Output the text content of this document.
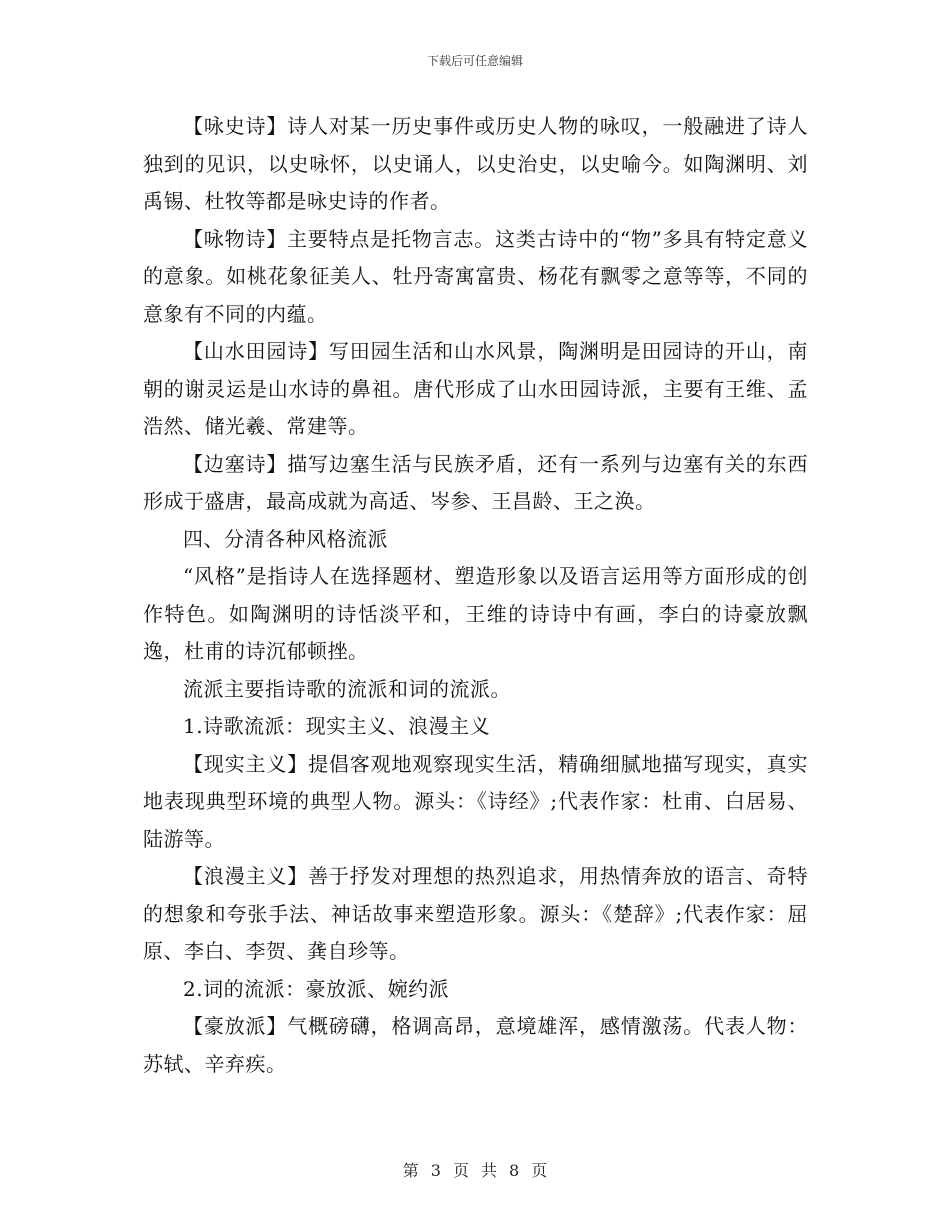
下载后可任意编辑

【咏史诗】诗人对某一历史事件或历史人物的咏叹，一般融进了诗人独到的见识，以史咏怀，以史诵人，以史治史，以史喻今。如陶渊明、刘禹锡、杜牧等都是咏史诗的作者。

【咏物诗】主要特点是托物言志。这类古诗中的“物”多具有特定意义的意象。如桃花象征美人、牡丹寄寓富贵、杨花有飘零之意等等，不同的意象有不同的内蕴。

【山水田园诗】写田园生活和山水风景，陶渊明是田园诗的开山，南朝的谢灵运是山水诗的鼻祖。唐代形成了山水田园诗派，主要有王维、孟浩然、储光羲、常建等。

【边塞诗】描写边塞生活与民族矛盾，还有一系列与边塞有关的东西形成于盛唐，最高成就为高适、岑参、王昌龄、王之涣。

四、分清各种风格流派

“风格”是指诗人在选择题材、塑造形象以及语言运用等方面形成的创作特色。如陶渊明的诗恬淡平和，王维的诗诗中有画，李白的诗豪放飘逸，杜甫的诗沉郁顿挫。

流派主要指诗歌的流派和词的流派。

1.诗歌流派：现实主义、浪漫主义

【现实主义】提倡客观地观察现实生活，精确细腻地描写现实，真实地表现典型环境的典型人物。源头：《诗经》;代表作家：杜甫、白居易、陆游等。

【浪漫主义】善于抒发对理想的热烈追求，用热情奔放的语言、奇特的想象和夸张手法、神话故事来塑造形象。源头：《楚辞》;代表作家：屈原、李白、李贺、龚自珍等。

2.词的流派：豪放派、婉约派

【豪放派】气概磅礴，格调高昂，意境雄浑，感情激荡。代表人物：苏轼、辛弃疾。

第 3 页 共 8 页
